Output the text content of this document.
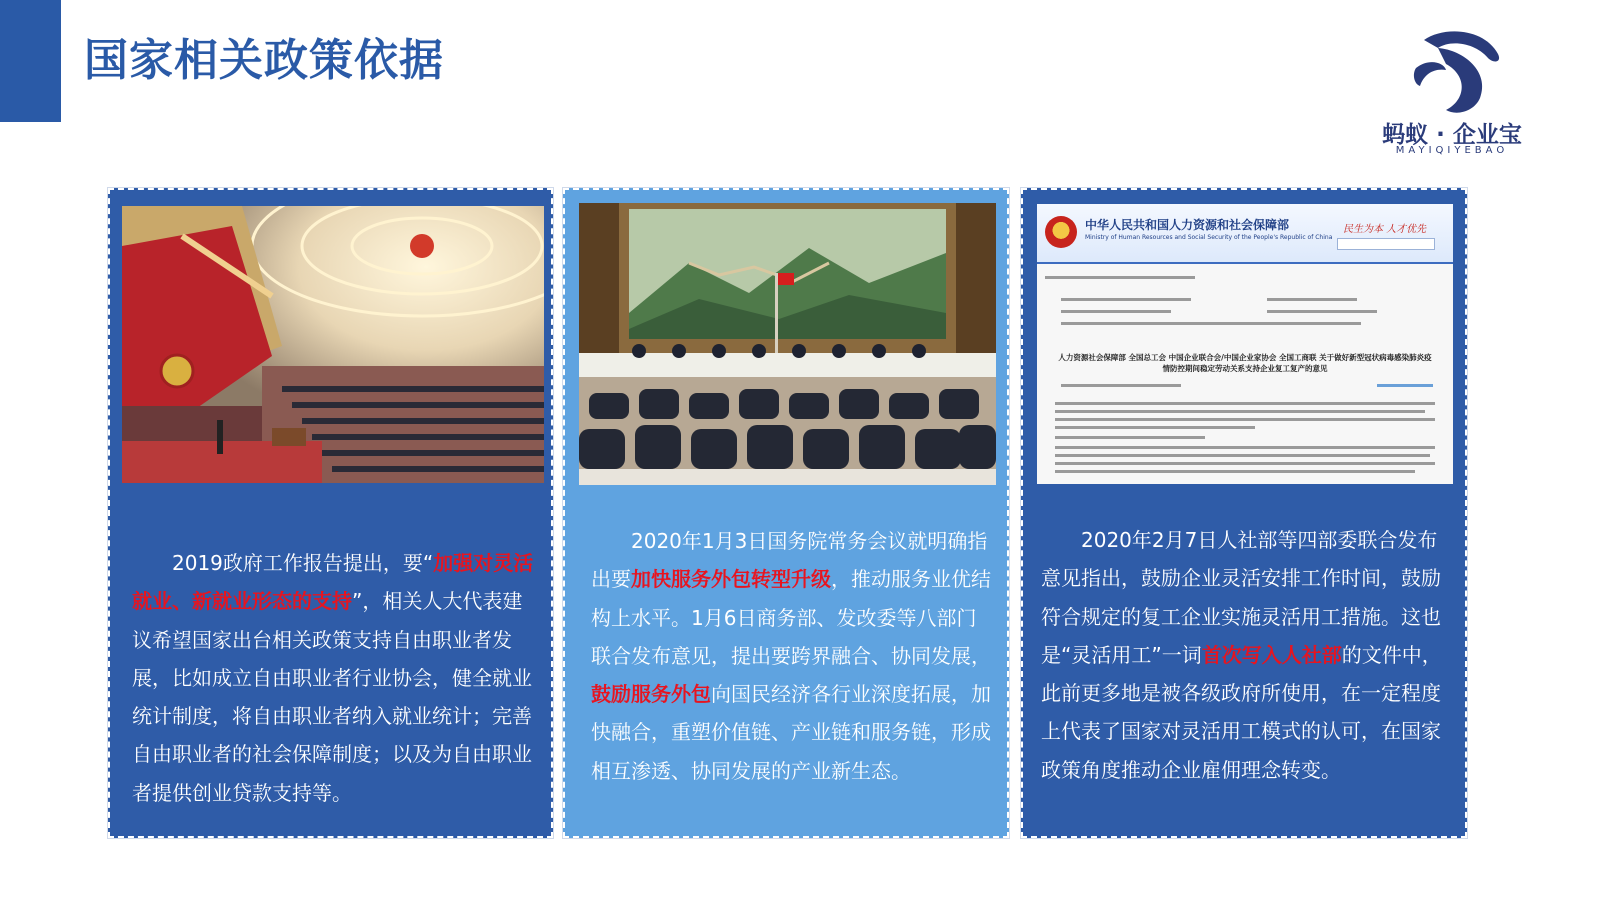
国家相关政策依据
蚂蚁 · 企业宝
MAYIQIYEBAO
2019政府工作报告提出，要“加强对灵活就业、新就业形态的支持”，相关人大代表建议希望国家出台相关政策支持自由职业者发展，比如成立自由职业者行业协会，健全就业统计制度，将自由职业者纳入就业统计；完善自由职业者的社会保障制度；以及为自由职业者提供创业贷款支持等。
2020年1月3日国务院常务会议就明确指出要加快服务外包转型升级，推动服务业优结构上水平。1月6日商务部、发改委等八部门联合发布意见，提出要跨界融合、协同发展，鼓励服务外包向国民经济各行业深度拓展，加快融合，重塑价值链、产业链和服务链，形成相互渗透、协同发展的产业新生态。
中华人民共和国人力资源和社会保障部
Ministry of Human Resources and Social Security of the People's Republic of China
民生为本 人才优先
人力资源社会保障部 全国总工会 中国企业联合会/中国企业家协会 全国工商联 关于做好新型冠状病毒感染肺炎疫情防控期间稳定劳动关系支持企业复工复产的意见
2020年2月7日人社部等四部委联合发布意见指出，鼓励企业灵活安排工作时间，鼓励符合规定的复工企业实施灵活用工措施。这也是“灵活用工”一词首次写入人社部的文件中，此前更多地是被各级政府所使用，在一定程度上代表了国家对灵活用工模式的认可，在国家政策角度推动企业雇佣理念转变。
